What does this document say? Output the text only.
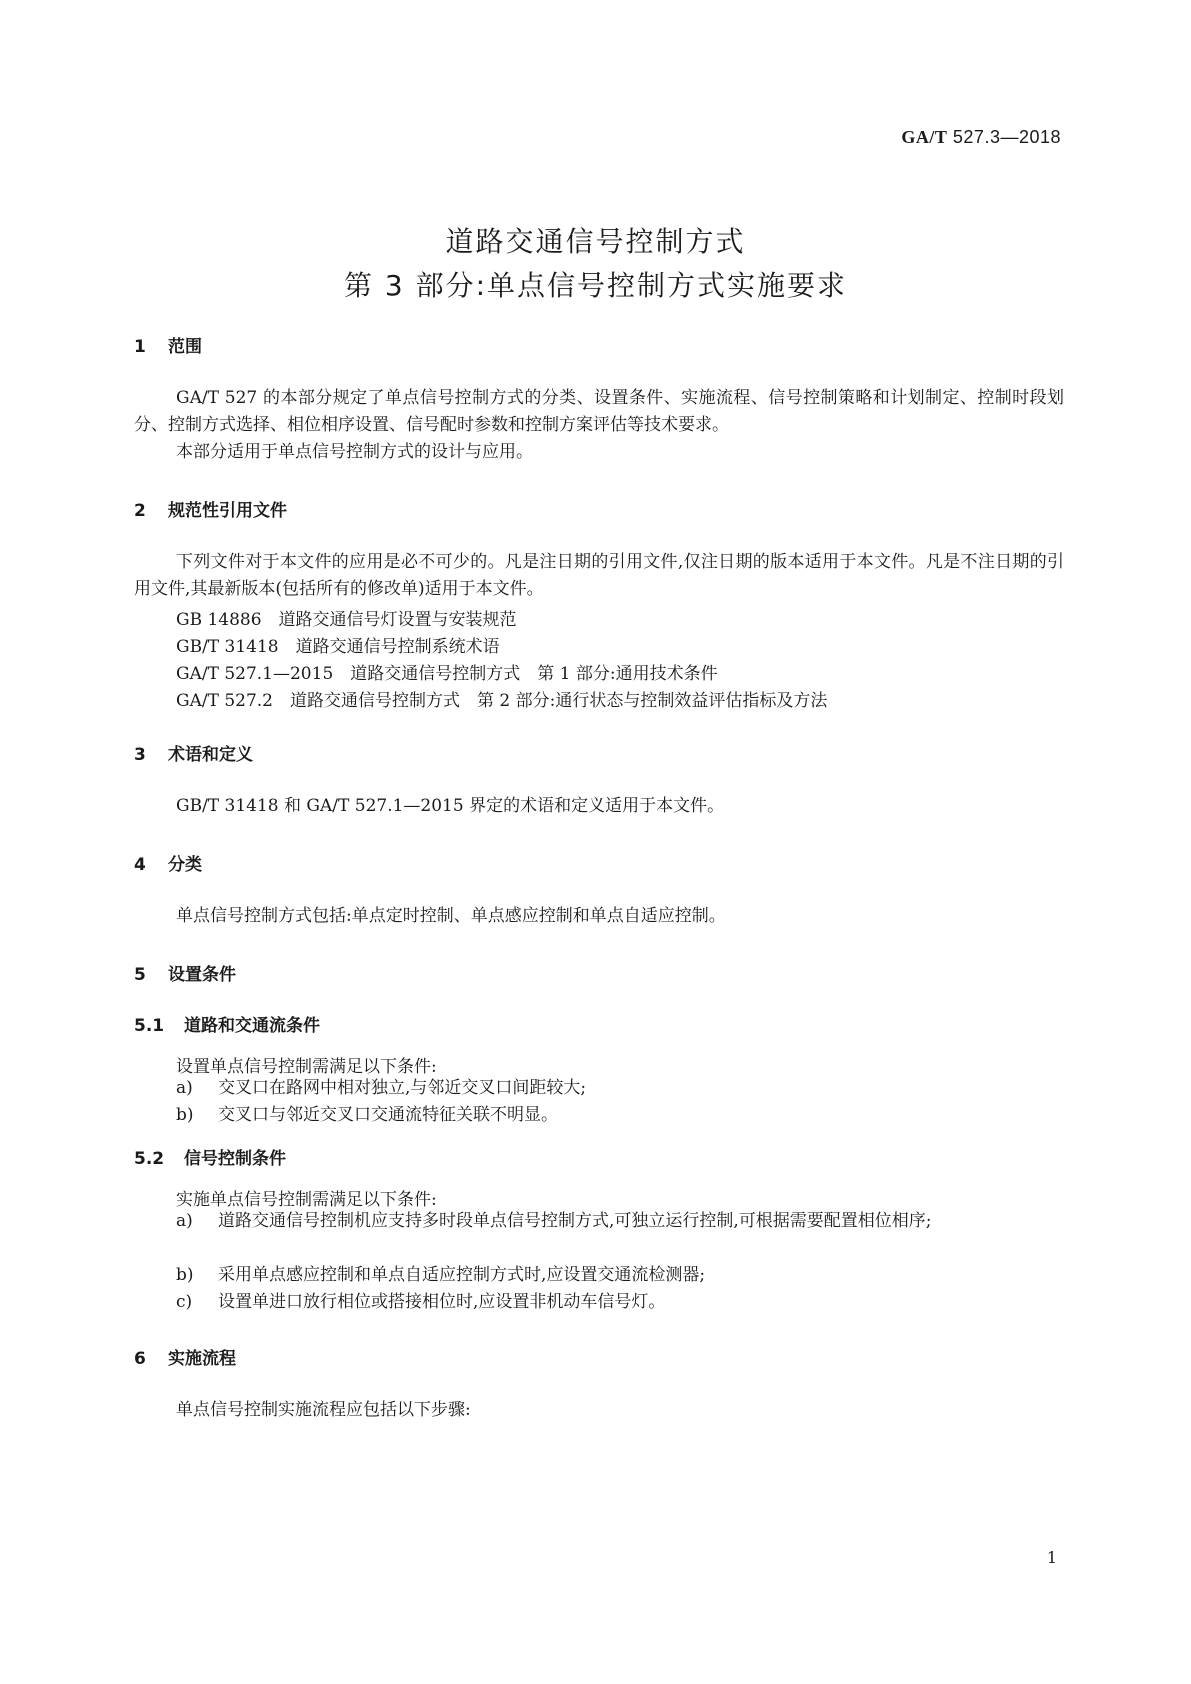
GA/T 527.3—2018
道路交通信号控制方式
第 3 部分:单点信号控制方式实施要求
1 范围
GA/T 527 的本部分规定了单点信号控制方式的分类、设置条件、实施流程、信号控制策略和计划制定、控制时段划分、控制方式选择、相位相序设置、信号配时参数和控制方案评估等技术要求。
本部分适用于单点信号控制方式的设计与应用。
2 规范性引用文件
下列文件对于本文件的应用是必不可少的。凡是注日期的引用文件,仅注日期的版本适用于本文件。凡是不注日期的引用文件,其最新版本(包括所有的修改单)适用于本文件。
GB 14886　道路交通信号灯设置与安装规范
GB/T 31418　道路交通信号控制系统术语
GA/T 527.1—2015　道路交通信号控制方式　第 1 部分:通用技术条件
GA/T 527.2　道路交通信号控制方式　第 2 部分:通行状态与控制效益评估指标及方法
3 术语和定义
GB/T 31418 和 GA/T 527.1—2015 界定的术语和定义适用于本文件。
4 分类
单点信号控制方式包括:单点定时控制、单点感应控制和单点自适应控制。
5 设置条件
5.1 道路和交通流条件
设置单点信号控制需满足以下条件:
a)	交叉口在路网中相对独立,与邻近交叉口间距较大;
b)	交叉口与邻近交叉口交通流特征关联不明显。
5.2 信号控制条件
实施单点信号控制需满足以下条件:
a)	道路交通信号控制机应支持多时段单点信号控制方式,可独立运行控制,可根据需要配置相位相序;
b)	采用单点感应控制和单点自适应控制方式时,应设置交通流检测器;
c)	设置单进口放行相位或搭接相位时,应设置非机动车信号灯。
6 实施流程
单点信号控制实施流程应包括以下步骤:
1
